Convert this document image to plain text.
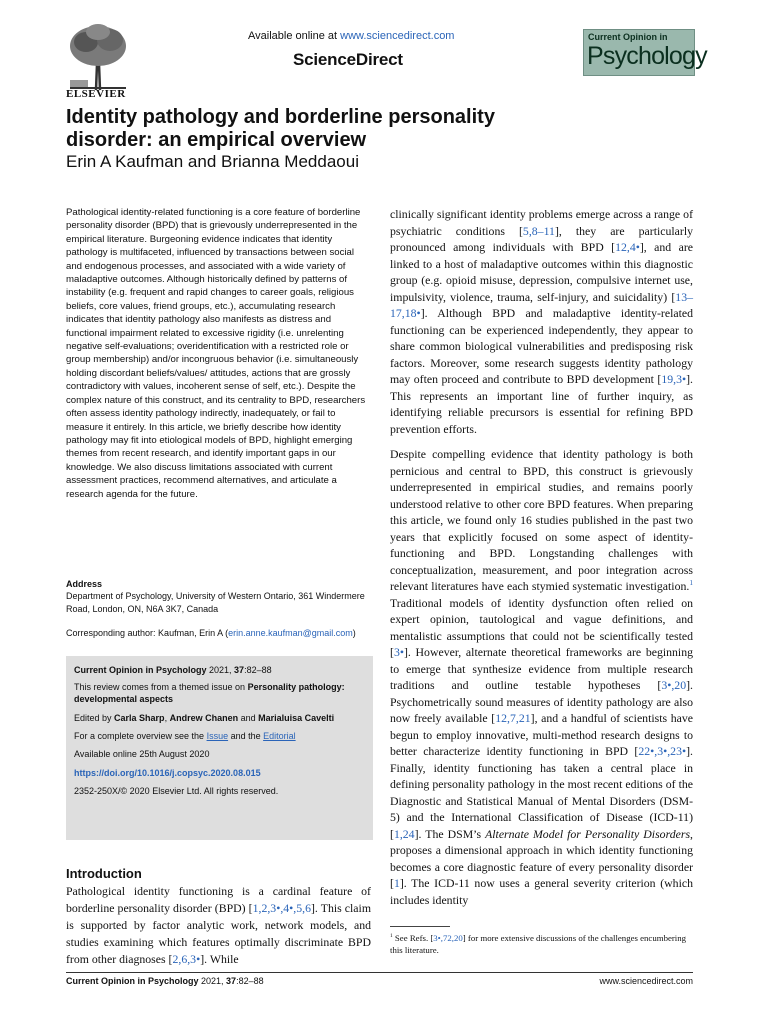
ELSEVIER
Available online at www.sciencedirect.com
ScienceDirect
Current Opinion in
Psychology
Identity pathology and borderline personality disorder: an empirical overview
Erin A Kaufman and Brianna Meddaoui
Pathological identity-related functioning is a core feature of borderline personality disorder (BPD) that is grievously underrepresented in the empirical literature. Burgeoning evidence indicates that identity pathology is multifaceted, influenced by transactions between social and endogenous processes, and associated with a wide variety of maladaptive outcomes. Although historically defined by patterns of instability (e.g. frequent and rapid changes to career goals, religious beliefs, core values, friend groups, etc.), accumulating research indicates that identity pathology also manifests as distress and functional impairment related to excessive rigidity (i.e. unrelenting negative self-evaluations; overidentification with a restricted role or group membership) and/or incongruous behavior (i.e. simultaneously holding discordant beliefs/values/ attitudes, actions that are grossly contradictory with values, incoherent sense of self, etc.). Despite the complex nature of this construct, and its centrality to BPD, researchers often assess identity pathology indirectly, inadequately, or fail to measure it entirely. In this article, we briefly describe how identity pathology may fit into etiological models of BPD, highlight emerging themes from recent research, and identify important gaps in our knowledge. We also discuss limitations associated with current assessment practices, recommend alternatives, and articulate a research agenda for the future.
Address
Department of Psychology, University of Western Ontario, 361 Windermere Road, London, ON, N6A 3K7, Canada
Corresponding author: Kaufman, Erin A (erin.anne.kaufman@gmail.com)
Current Opinion in Psychology 2021, 37:82–88
This review comes from a themed issue on Personality pathology: developmental aspects
Edited by Carla Sharp, Andrew Chanen and Marialuisa Cavelti
For a complete overview see the Issue and the Editorial
Available online 25th August 2020
https://doi.org/10.1016/j.copsyc.2020.08.015
2352-250X/© 2020 Elsevier Ltd. All rights reserved.
Introduction
Pathological identity functioning is a cardinal feature of borderline personality disorder (BPD) [1,2,3•,4•,5,6]. This claim is supported by factor analytic work, network models, and studies examining which features optimally discriminate BPD from other diagnoses [2,6,3•]. While
clinically significant identity problems emerge across a range of psychiatric conditions [5,8–11], they are particularly pronounced among individuals with BPD [12,4•], and are linked to a host of maladaptive outcomes within this diagnostic group (e.g. opioid misuse, depression, compulsive internet use, impulsivity, violence, trauma, self-injury, and suicidality) [13–17,18•]. Although BPD and maladaptive identity-related functioning can be experienced independently, they appear to share common biological vulnerabilities and predisposing risk factors. Moreover, some research suggests identity pathology may often proceed and contribute to BPD development [19,3•]. This represents an important line of further inquiry, as identifying reliable precursors is essential for refining BPD prevention efforts.
Despite compelling evidence that identity pathology is both pernicious and central to BPD, this construct is grievously underrepresented in empirical studies, and remains poorly understood relative to other core BPD features. When preparing this article, we found only 16 studies published in the past two years that explicitly focused on some aspect of identity-functioning and BPD. Longstanding challenges with conceptualization, measurement, and poor integration across relevant literatures have each stymied systematic investigation.$^1$ Traditional models of identity dysfunction often relied on expert opinion, tautological and vague definitions, and mentalistic assumptions that could not be scientifically tested [3•]. However, alternate theoretical frameworks are beginning to emerge that synthesize evidence from multiple research traditions and outline testable hypotheses [3•,20]. Psychometrically sound measures of identity pathology are also now freely available [12,7,21], and a handful of scientists have begun to employ innovative, multi-method research designs to better characterize identity functioning in BPD [22•,3•,23•]. Finally, identity functioning has taken a central place in defining personality pathology in the most recent editions of the Diagnostic and Statistical Manual of Mental Disorders (DSM-5) and the International Classification of Disease (ICD-11) [1,24]. The DSM’s Alternate Model for Personality Disorders, proposes a dimensional approach in which identity functioning becomes a core diagnostic feature of every personality disorder [1]. The ICD-11 now uses a general severity criterion (which includes identity
$^1$ See Refs. [3•,72,20] for more extensive discussions of the challenges encumbering this literature.
Current Opinion in Psychology 2021, 37:82–88	www.sciencedirect.com
